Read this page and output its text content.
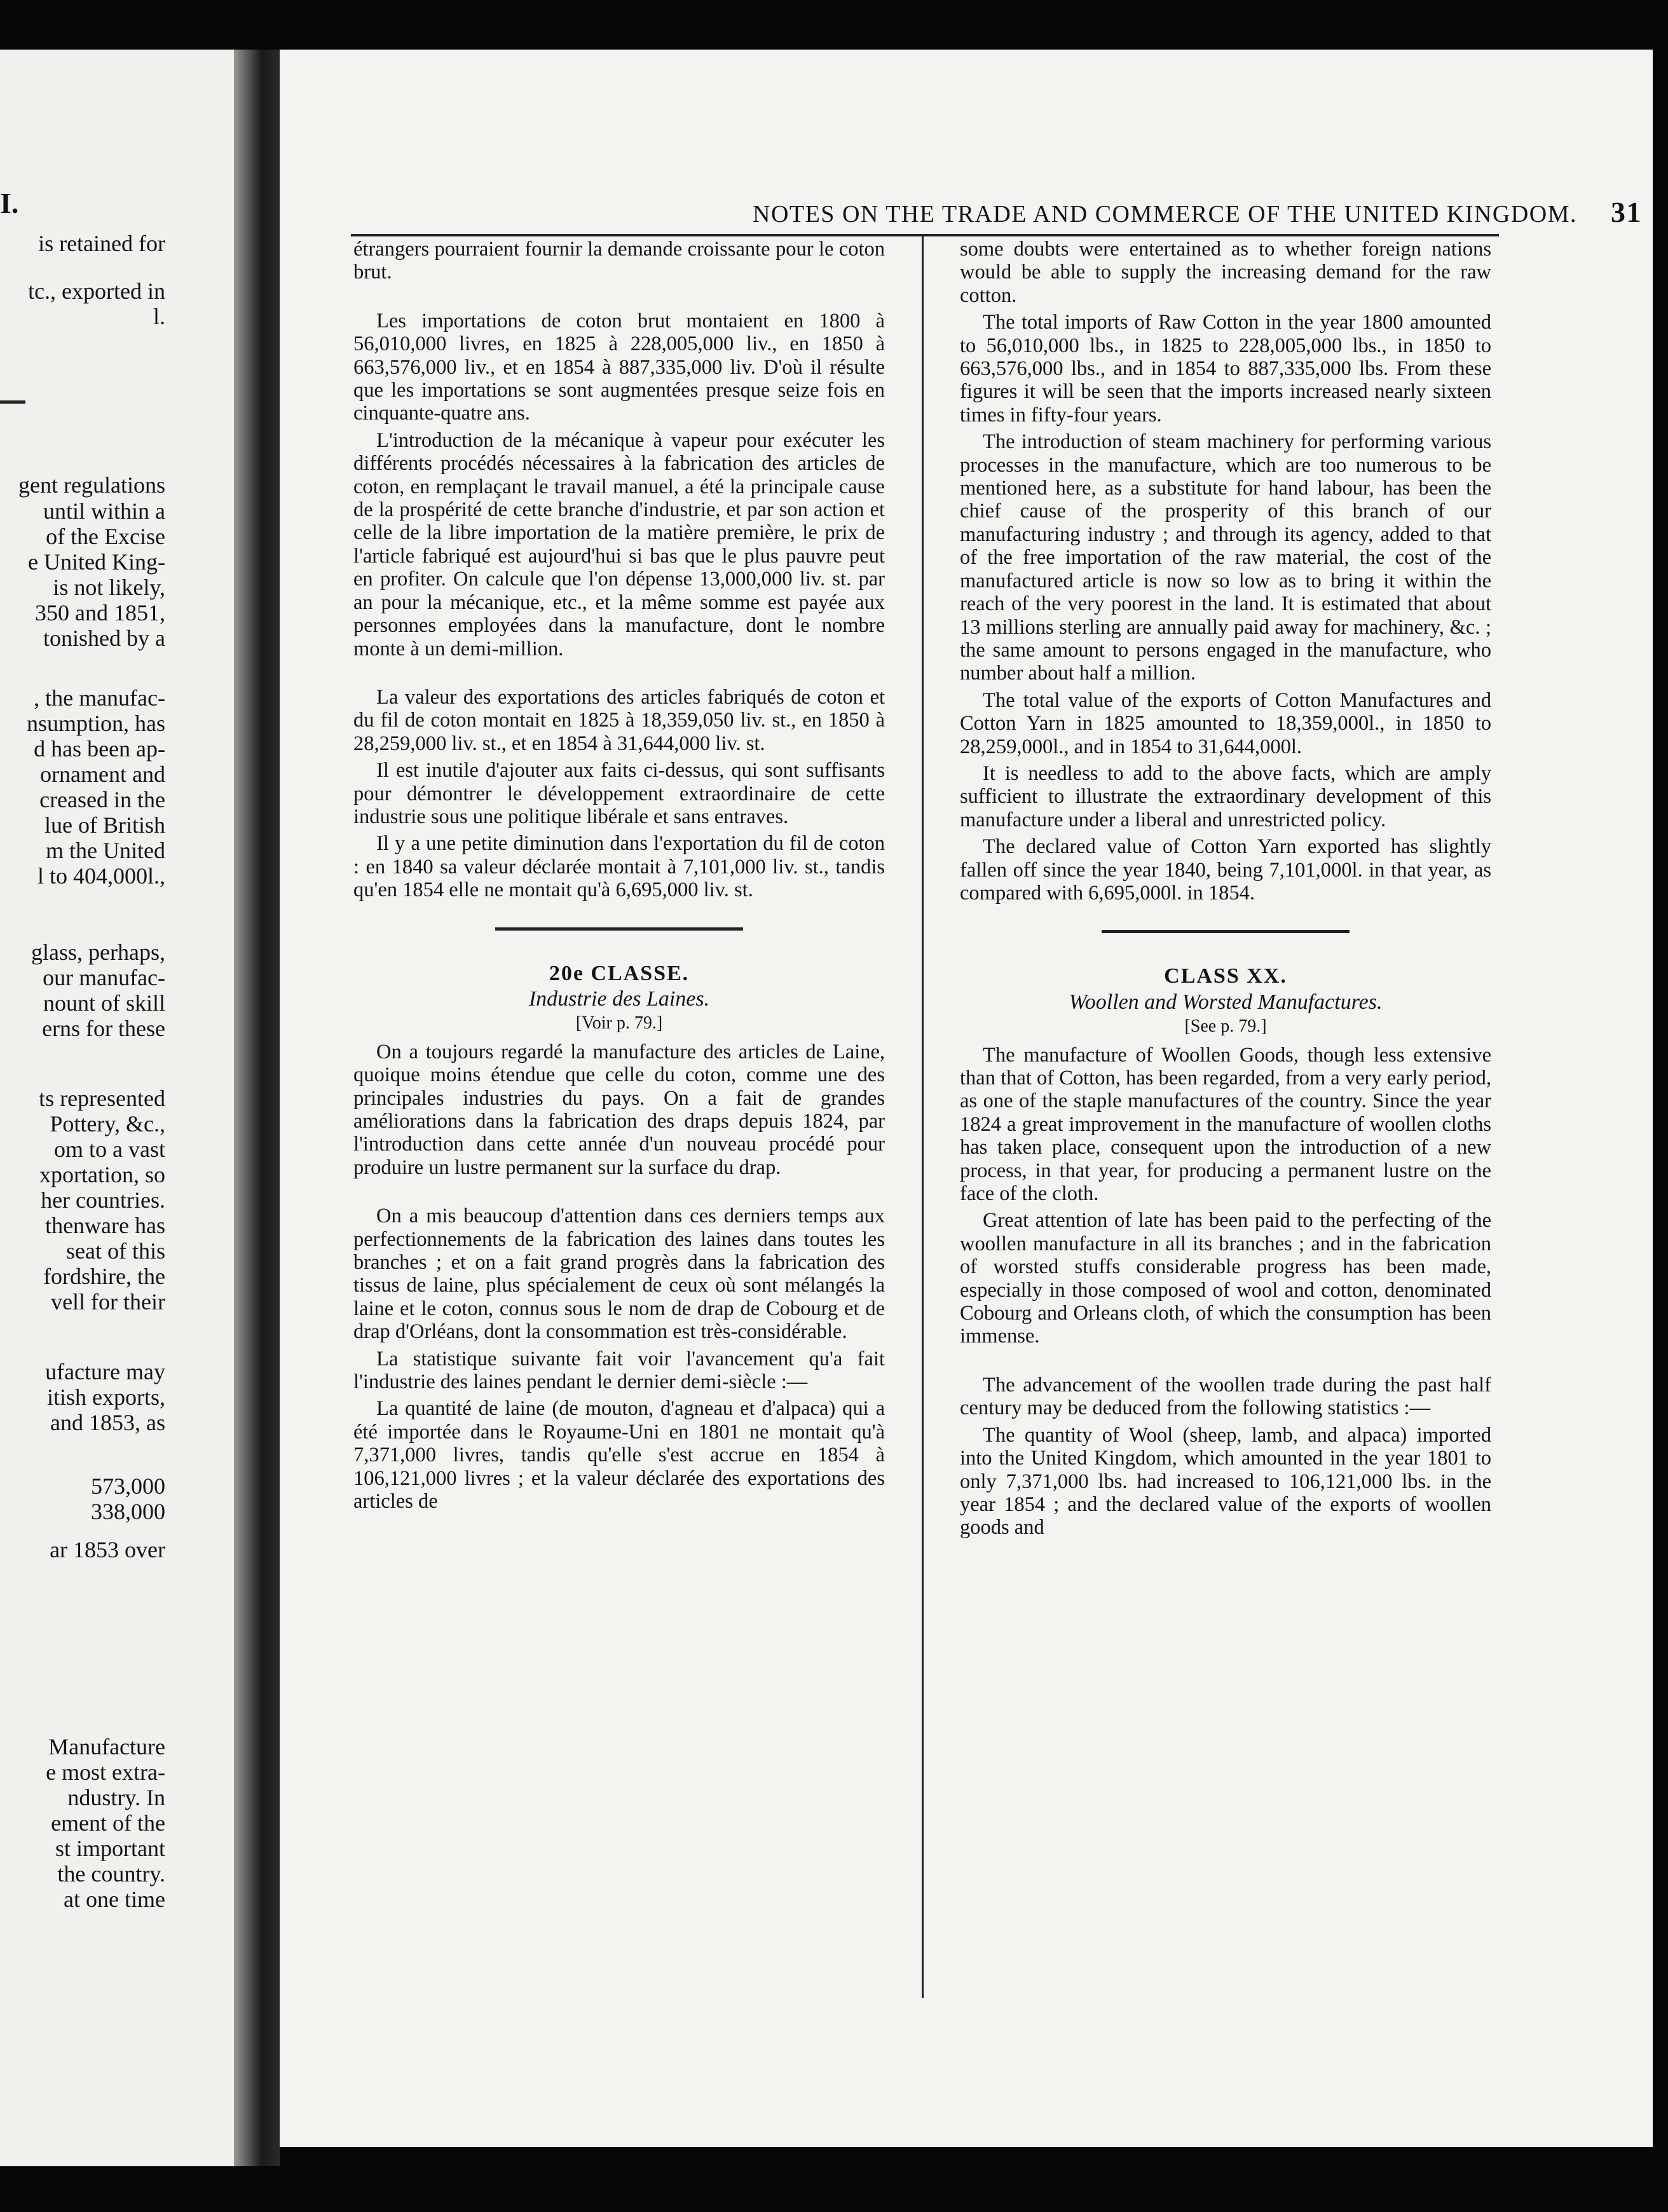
I.
is retained for
tc., exported in
l.
gent regulations
until within a
of the Excise
e United King-
is not likely,
350 and 1851,
tonished by a
, the manufac-
nsumption, has
d has been ap-
ornament and
creased in the
lue of British
m the United
l to 404,000l.,
glass, perhaps,
our manufac-
nount of skill
erns for these
ts represented
Pottery, &c.,
om to a vast
xportation, so
her countries.
thenware has
seat of this
fordshire, the
vell for their
ufacture may
itish exports,
and 1853, as
573,000
338,000
ar 1853 over
Manufacture
e most extra-
ndustry. In
ement of the
st important
the country.
at one time
NOTES ON THE TRADE AND COMMERCE OF THE UNITED KINGDOM. 31

étrangers pourraient fournir la demande croissante pour le coton brut.

Les importations de coton brut montaient en 1800 à 56,010,000 livres, en 1825 à 228,005,000 liv., en 1850 à 663,576,000 liv., et en 1854 à 887,335,000 liv. D'où il résulte que les importations se sont augmentées presque seize fois en cinquante-quatre ans.

L'introduction de la mécanique à vapeur pour exécuter les différents procédés nécessaires à la fabrication des articles de coton, en remplaçant le travail manuel, a été la principale cause de la prospérité de cette branche d'industrie, et par son action et celle de la libre importation de la matière première, le prix de l'article fabriqué est aujourd'hui si bas que le plus pauvre peut en profiter. On calcule que l'on dépense 13,000,000 liv. st. par an pour la mécanique, etc., et la même somme est payée aux personnes employées dans la manufacture, dont le nombre monte à un demi-million.

La valeur des exportations des articles fabriqués de coton et du fil de coton montait en 1825 à 18,359,050 liv. st., en 1850 à 28,259,000 liv. st., et en 1854 à 31,644,000 liv. st.

Il est inutile d'ajouter aux faits ci-dessus, qui sont suffisants pour démontrer le développement extraordinaire de cette industrie sous une politique libérale et sans entraves.

Il y a une petite diminution dans l'exportation du fil de coton : en 1840 sa valeur déclarée montait à 7,101,000 liv. st., tandis qu'en 1854 elle ne montait qu'à 6,695,000 liv. st.

20e CLASSE.
Industrie des Laines.
[Voir p. 79.]

On a toujours regardé la manufacture des articles de Laine, quoique moins étendue que celle du coton, comme une des principales industries du pays. On a fait de grandes améliorations dans la fabrication des draps depuis 1824, par l'introduction dans cette année d'un nouveau procédé pour produire un lustre permanent sur la surface du drap.

On a mis beaucoup d'attention dans ces derniers temps aux perfectionnements de la fabrication des laines dans toutes les branches ; et on a fait grand progrès dans la fabrication des tissus de laine, plus spécialement de ceux où sont mélangés la laine et le coton, connus sous le nom de drap de Cobourg et de drap d'Orléans, dont la consommation est très-considérable.

La statistique suivante fait voir l'avancement qu'a fait l'industrie des laines pendant le dernier demi-siècle :—

La quantité de laine (de mouton, d'agneau et d'alpaca) qui a été importée dans le Royaume-Uni en 1801 ne montait qu'à 7,371,000 livres, tandis qu'elle s'est accrue en 1854 à 106,121,000 livres ; et la valeur déclarée des exportations des articles de

some doubts were entertained as to whether foreign nations would be able to supply the increasing demand for the raw cotton.

The total imports of Raw Cotton in the year 1800 amounted to 56,010,000 lbs., in 1825 to 228,005,000 lbs., in 1850 to 663,576,000 lbs., and in 1854 to 887,335,000 lbs. From these figures it will be seen that the imports increased nearly sixteen times in fifty-four years.

The introduction of steam machinery for performing various processes in the manufacture, which are too numerous to be mentioned here, as a substitute for hand labour, has been the chief cause of the prosperity of this branch of our manufacturing industry ; and through its agency, added to that of the free importation of the raw material, the cost of the manufactured article is now so low as to bring it within the reach of the very poorest in the land. It is estimated that about 13 millions sterling are annually paid away for machinery, &c. ; the same amount to persons engaged in the manufacture, who number about half a million.

The total value of the exports of Cotton Manufactures and Cotton Yarn in 1825 amounted to 18,359,000l., in 1850 to 28,259,000l., and in 1854 to 31,644,000l.

It is needless to add to the above facts, which are amply sufficient to illustrate the extraordinary development of this manufacture under a liberal and unrestricted policy.

The declared value of Cotton Yarn exported has slightly fallen off since the year 1840, being 7,101,000l. in that year, as compared with 6,695,000l. in 1854.

CLASS XX.
Woollen and Worsted Manufactures.
[See p. 79.]

The manufacture of Woollen Goods, though less extensive than that of Cotton, has been regarded, from a very early period, as one of the staple manufactures of the country. Since the year 1824 a great improvement in the manufacture of woollen cloths has taken place, consequent upon the introduction of a new process, in that year, for producing a permanent lustre on the face of the cloth.

Great attention of late has been paid to the perfecting of the woollen manufacture in all its branches ; and in the fabrication of worsted stuffs considerable progress has been made, especially in those composed of wool and cotton, denominated Cobourg and Orleans cloth, of which the consumption has been immense.

The advancement of the woollen trade during the past half century may be deduced from the following statistics :—

The quantity of Wool (sheep, lamb, and alpaca) imported into the United Kingdom, which amounted in the year 1801 to only 7,371,000 lbs. had increased to 106,121,000 lbs. in the year 1854 ; and the declared value of the exports of woollen goods and
